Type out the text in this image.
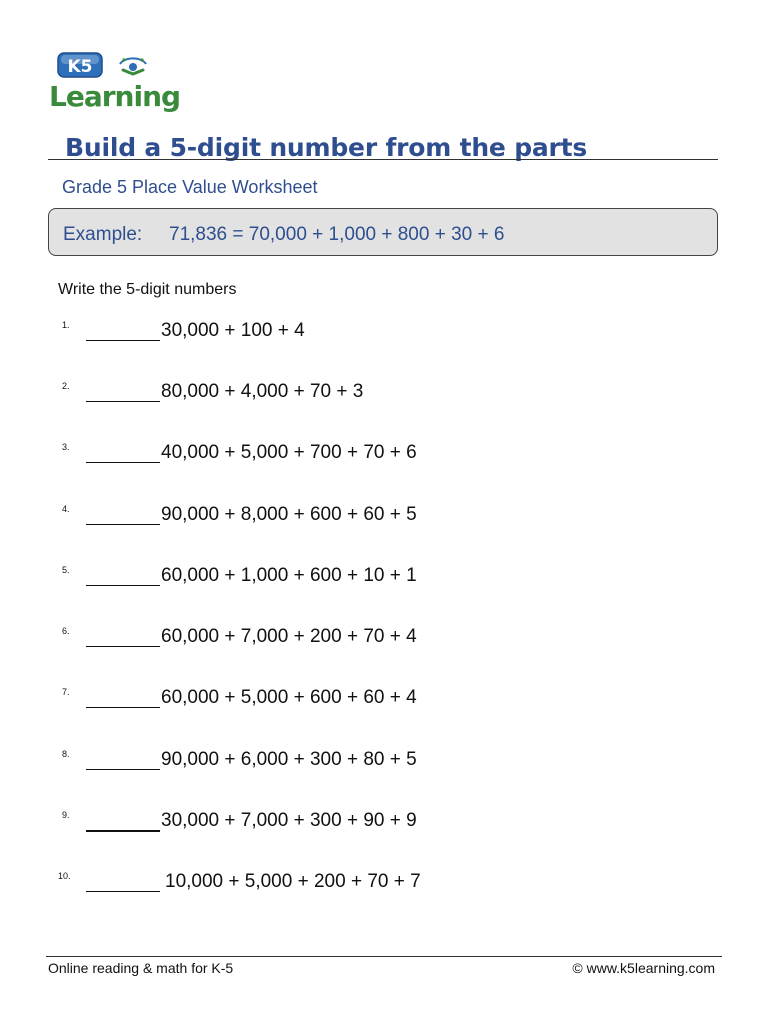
K5
Learning
Build a 5-digit number from the parts
Grade 5 Place Value Worksheet
Example: 71,836 = 70,000 + 1,000 + 800 + 30 + 6
Write the 5-digit numbers
1.	30,000 + 100 + 4
2.	80,000 + 4,000 + 70 + 3
3.	40,000 + 5,000 + 700 + 70 + 6
4.	90,000 + 8,000 + 600 + 60 + 5
5.	60,000 + 1,000 + 600 + 10 + 1
6.	60,000 + 7,000 + 200 + 70 + 4
7.	60,000 + 5,000 + 600 + 60 + 4
8.	90,000 + 6,000 + 300 + 80 + 5
9.	30,000 + 7,000 + 300 + 90 + 9
10.	10,000 + 5,000 + 200 + 70 + 7
Online reading & math for K-5	© www.k5learning.com
